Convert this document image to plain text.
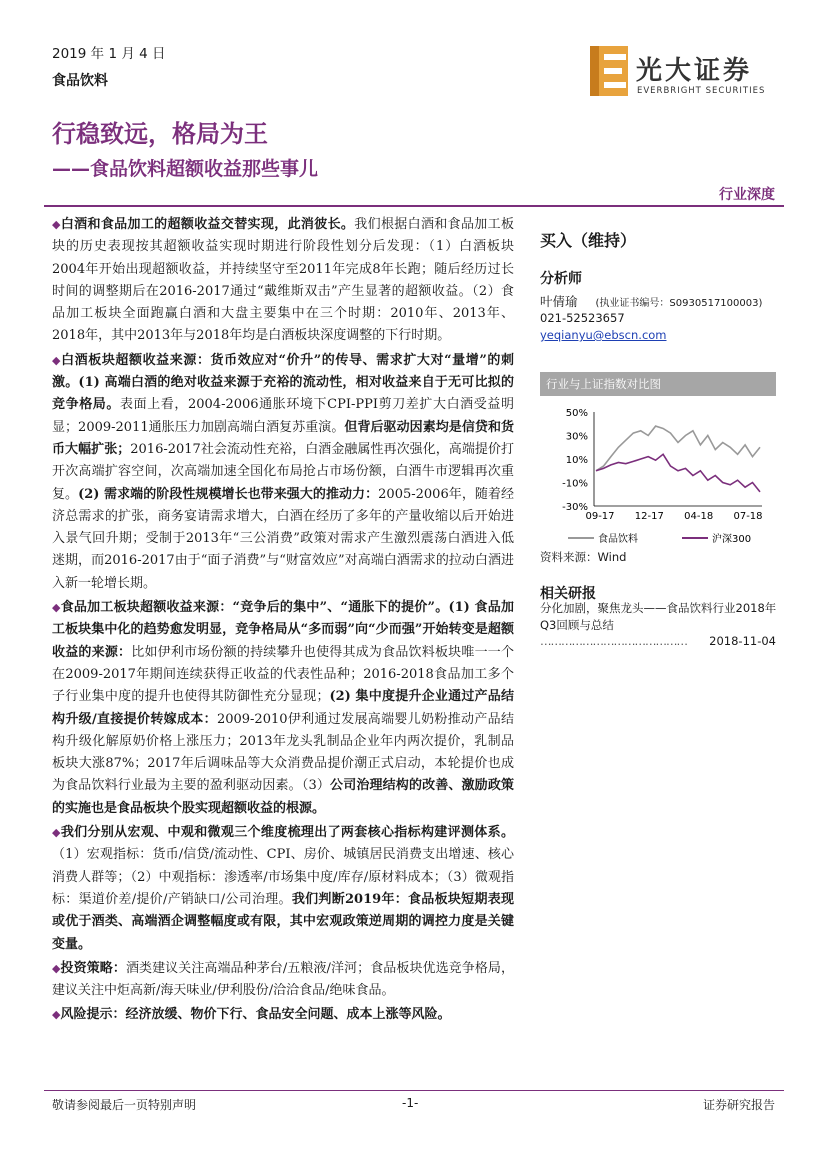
2019 年 1 月 4 日
食品饮料	光大证券
EVERBRIGHT SECURITIES
行稳致远，格局为王
——食品饮料超额收益那些事儿
行业深度

◆白酒和食品加工的超额收益交替实现，此消彼长。我们根据白酒和食品加工板块的历史表现按其超额收益实现时期进行阶段性划分后发现：（1）白酒板块2004年开始出现超额收益，并持续坚守至2011年完成8年长跑；随后经历过长时间的调整期后在2016-2017通过“戴维斯双击”产生显著的超额收益。（2）食品加工板块全面跑赢白酒和大盘主要集中在三个时期：2010年、2013年、2018年，其中2013年与2018年均是白酒板块深度调整的下行时期。

◆白酒板块超额收益来源：货币效应对“价升”的传导、需求扩大对“量增”的刺激。(1) 高端白酒的绝对收益来源于充裕的流动性，相对收益来自于无可比拟的竞争格局。表面上看，2004-2006通胀环境下CPI-PPI剪刀差扩大白酒受益明显；2009-2011通胀压力加剧高端白酒复苏重演。但背后驱动因素均是信贷和货币大幅扩张；2016-2017社会流动性充裕，白酒金融属性再次强化，高端提价打开次高端扩容空间，次高端加速全国化布局抢占市场份额，白酒牛市逻辑再次重复。(2) 需求端的阶段性规模增长也带来强大的推动力：2005-2006年，随着经济总需求的扩张，商务宴请需求增大，白酒在经历了多年的产量收缩以后开始进入景气回升期；受制于2013年“三公消费”政策对需求产生激烈震荡白酒进入低迷期，而2016-2017由于“面子消费”与“财富效应”对高端白酒需求的拉动白酒进入新一轮增长期。

◆食品加工板块超额收益来源：“竞争后的集中”、“通胀下的提价”。(1) 食品加工板块集中化的趋势愈发明显，竞争格局从“多而弱”向“少而强”开始转变是超额收益的来源：比如伊利市场份额的持续攀升也使得其成为食品饮料板块唯一一个在2009-2017年期间连续获得正收益的代表性品种；2016-2018食品加工多个子行业集中度的提升也使得其防御性充分显现；(2) 集中度提升企业通过产品结构升级/直接提价转嫁成本：2009-2010伊利通过发展高端婴儿奶粉推动产品结构升级化解原奶价格上涨压力；2013年龙头乳制品企业年内两次提价，乳制品板块大涨87%；2017年后调味品等大众消费品提价潮正式启动，本轮提价也成为食品饮料行业最为主要的盈利驱动因素。（3）公司治理结构的改善、激励政策的实施也是食品板块个股实现超额收益的根源。

◆我们分别从宏观、中观和微观三个维度梳理出了两套核心指标构建评测体系。（1）宏观指标：货币/信贷/流动性、CPI、房价、城镇居民消费支出增速、核心消费人群等；（2）中观指标：渗透率/市场集中度/库存/原材料成本；（3）微观指标：渠道价差/提价/产销缺口/公司治理。我们判断2019年：食品板块短期表现或优于酒类、高端酒企调整幅度或有限，其中宏观政策逆周期的调控力度是关键变量。

◆投资策略：酒类建议关注高端品种茅台/五粮液/洋河；食品板块优选竞争格局，建议关注中炬高新/海天味业/伊利股份/洽洽食品/绝味食品。

◆风险提示：经济放缓、物价下行、食品安全问题、成本上涨等风险。

买入（维持）
分析师
叶倩瑜 (执业证书编号：S0930517100003)
021-52523657
yeqianyu@ebscn.com
行业与上证指数对比图
50%
30%
10%
-10%
-30%
09-17 12-17 04-18 07-18
食品饮料	沪深300
资料来源：Wind
相关研报
分化加剧，聚焦龙头——食品饮料行业2018年Q3回顾与总结
…………………………………… 2018-11-04
敬请参阅最后一页特别声明	-1-	证券研究报告
